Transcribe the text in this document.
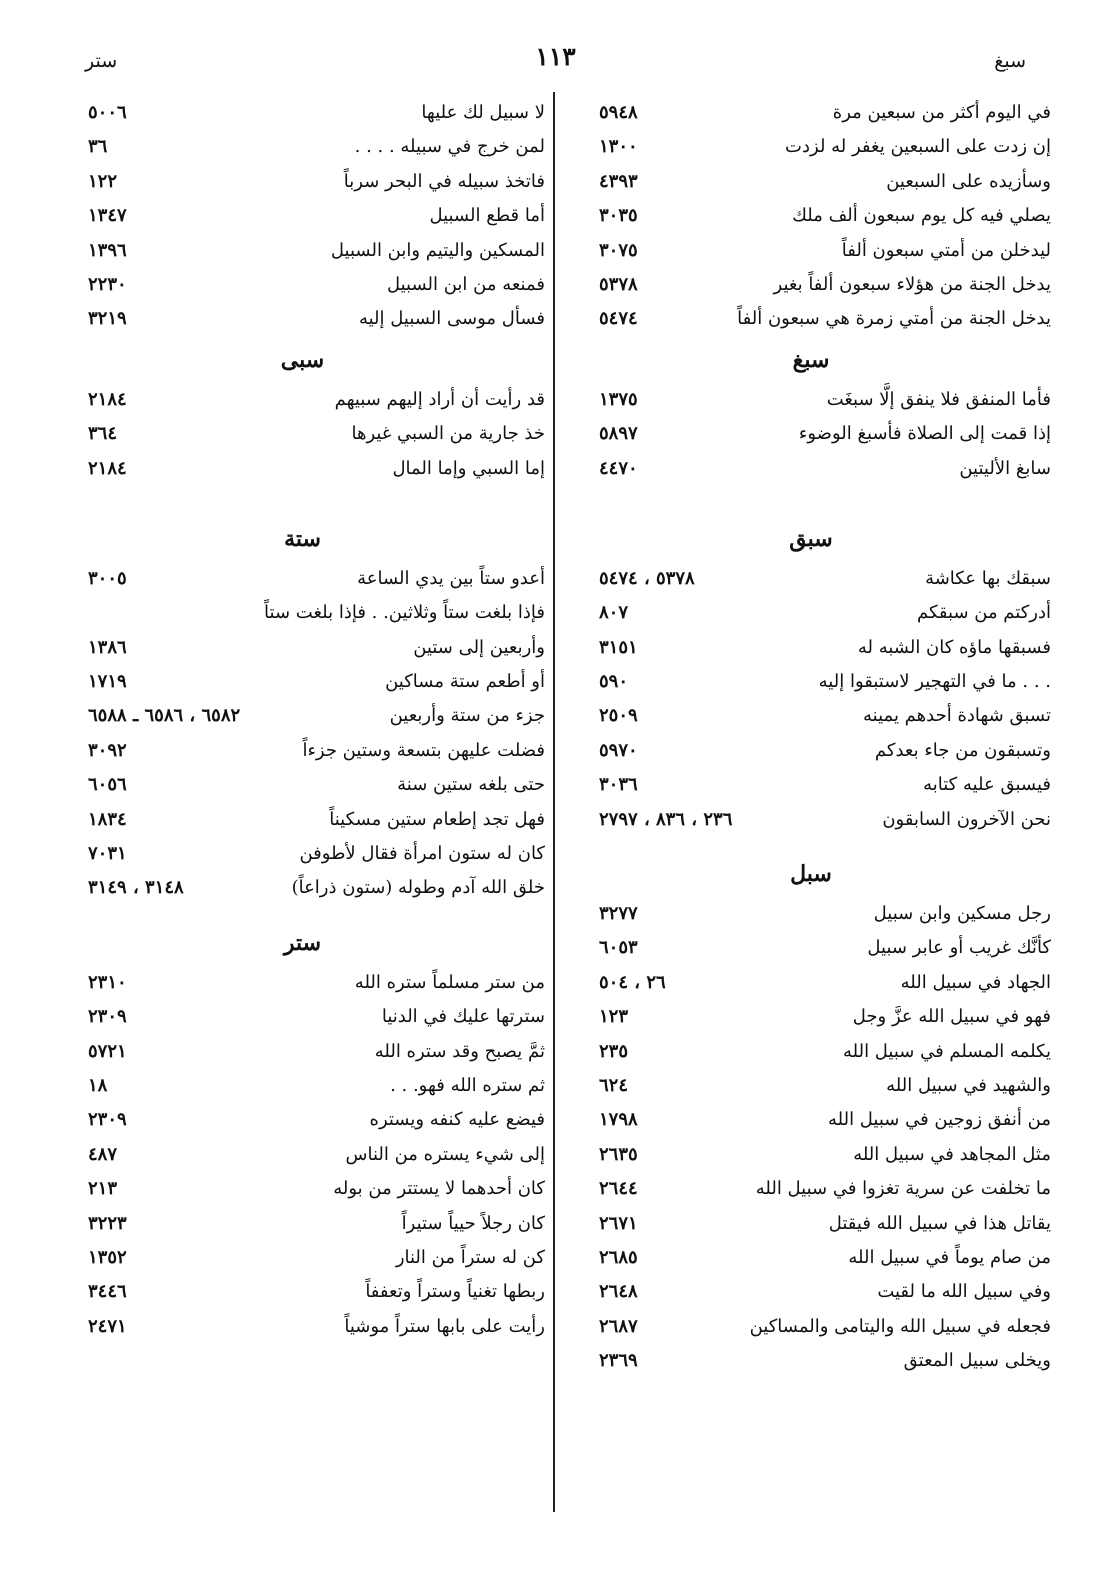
سبغ
١١٣
ستر
في اليوم أكثر من سبعين مرة
٥٩٤٨
إن زدت على السبعين يغفر له لزدت
١٣٠٠
وسأزيده على السبعين
٤٣٩٣
يصلي فيه كل يوم سبعون ألف ملك
٣٠٣٥
ليدخلن من أمتي سبعون ألفاً
٣٠٧٥
يدخل الجنة من هؤلاء سبعون ألفاً بغير
٥٣٧٨
يدخل الجنة من أمتي زمرة هي سبعون ألفاً
٥٤٧٤
سبغ
فأما المنفق فلا ينفق إلَّا سبغَت
١٣٧٥
إذا قمت إلى الصلاة فأسبغ الوضوء
٥٨٩٧
سابغ الأليتين
٤٤٧٠
سبق
سبقك بها عكاشة
٥٣٧٨ ، ٥٤٧٤
أدركتم من سبقكم
٨٠٧
فسبقها ماؤه كان الشبه له
٣١٥١
. . . ما في التهجير لاستبقوا إليه
٥٩٠
تسبق شهادة أحدهم يمينه
٢٥٠٩
وتسبقون من جاء بعدكم
٥٩٧٠
فيسبق عليه كتابه
٣٠٣٦
نحن الآخرون السابقون
٢٣٦ ، ٨٣٦ ، ٢٧٩٧
سبل
رجل مسكين وابن سبيل
٣٢٧٧
كأنَّك غريب أو عابر سبيل
٦٠٥٣
الجهاد في سبيل الله
٢٦ ، ٥٠٤
فهو في سبيل الله عزَّ وجل
١٢٣
يكلمه المسلم في سبيل الله
٢٣٥
والشهيد في سبيل الله
٦٢٤
من أنفق زوجين في سبيل الله
١٧٩٨
مثل المجاهد في سبيل الله
٢٦٣٥
ما تخلفت عن سرية تغزوا في سبيل الله
٢٦٤٤
يقاتل هذا في سبيل الله فيقتل
٢٦٧١
من صام يوماً في سبيل الله
٢٦٨٥
وفي سبيل الله ما لقيت
٢٦٤٨
فجعله في سبيل الله واليتامى والمساكين
٢٦٨٧
ويخلى سبيل المعتق
٢٣٦٩
لا سبيل لك عليها
٥٠٠٦
لمن خرج في سبيله . . . .
٣٦
فاتخذ سبيله في البحر سرباً
١٢٢
أما قطع السبيل
١٣٤٧
المسكين واليتيم وابن السبيل
١٣٩٦
فمنعه من ابن السبيل
٢٢٣٠
فسأل موسى السبيل إليه
٣٢١٩
سبى
قد رأيت أن أراد إليهم سبيهم
٢١٨٤
خذ جارية من السبي غيرها
٣٦٤
إما السبي وإما المال
٢١٨٤
ستة
أعدو ستاً بين يدي الساعة
٣٠٠٥
فإذا بلغت ستاً وثلاثين. . فإذا بلغت ستاً
وأربعين إلى ستين
١٣٨٦
أو أطعم ستة مساكين
١٧١٩
جزء من ستة وأربعين
٦٥٨٢ ، ٦٥٨٦ ـ ٦٥٨٨
فضلت عليهن بتسعة وستين جزءاً
٣٠٩٢
حتى بلغه ستين سنة
٦٠٥٦
فهل تجد إطعام ستين مسكيناً
١٨٣٤
كان له ستون امرأة فقال لأطوفن
٧٠٣١
خلق الله آدم وطوله (ستون ذراعاً)
٣١٤٨ ، ٣١٤٩
ستر
من ستر مسلماً ستره الله
٢٣١٠
سترتها عليك في الدنيا
٢٣٠٩
ثمَّ يصبح وقد ستره الله
٥٧٢١
ثم ستره الله فهو. . .
١٨
فيضع عليه كنفه ويستره
٢٣٠٩
إلى شيء يستره من الناس
٤٨٧
كان أحدهما لا يستتر من بوله
٢١٣
كان رجلاً حيياً ستيراً
٣٢٢٣
كن له ستراً من النار
١٣٥٢
ربطها تغنياً وستراً وتعففاً
٣٤٤٦
رأيت على بابها ستراً موشياً
٢٤٧١
